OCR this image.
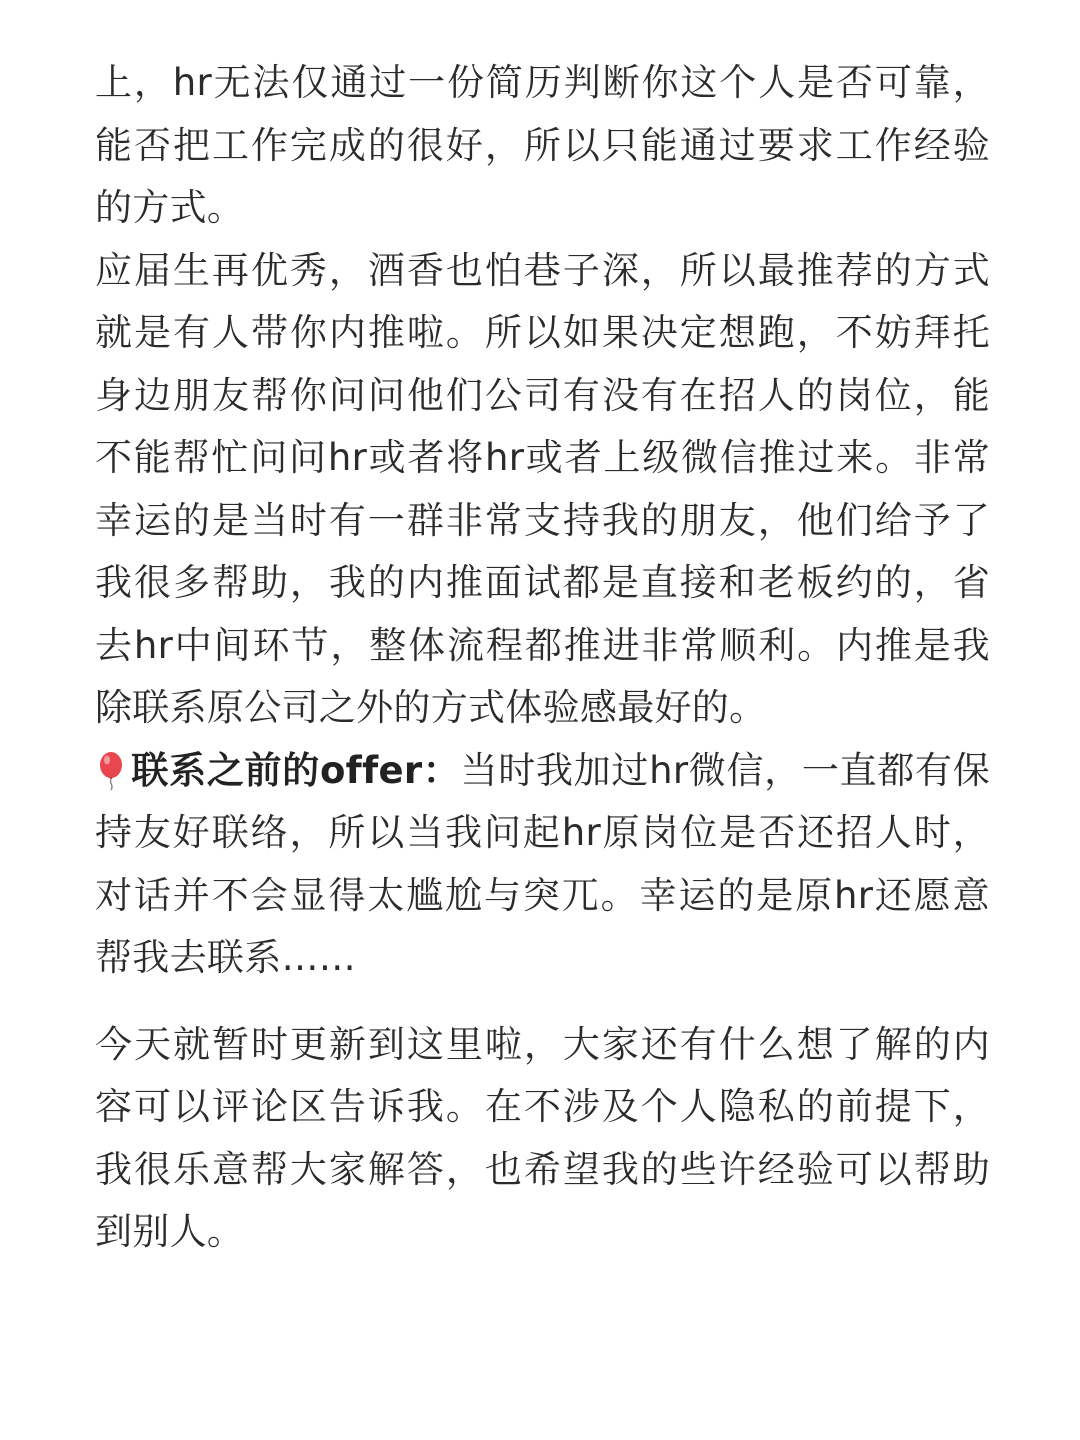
上，hr无法仅通过一份简历判断你这个人是否可靠，能否把工作完成的很好，所以只能通过要求工作经验的方式。

应届生再优秀，酒香也怕巷子深，所以最推荐的方式就是有人带你内推啦。所以如果决定想跑，不妨拜托身边朋友帮你问问他们公司有没有在招人的岗位，能不能帮忙问问hr或者将hr或者上级微信推过来。非常幸运的是当时有一群非常支持我的朋友，他们给予了我很多帮助，我的内推面试都是直接和老板约的，省去hr中间环节，整体流程都推进非常顺利。内推是我除联系原公司之外的方式体验感最好的。

联系之前的offer：当时我加过hr微信，一直都有保持友好联络，所以当我问起hr原岗位是否还招人时，对话并不会显得太尴尬与突兀。幸运的是原hr还愿意帮我去联系……

今天就暂时更新到这里啦，大家还有什么想了解的内容可以评论区告诉我。在不涉及个人隐私的前提下，我很乐意帮大家解答，也希望我的些许经验可以帮助到别人。
